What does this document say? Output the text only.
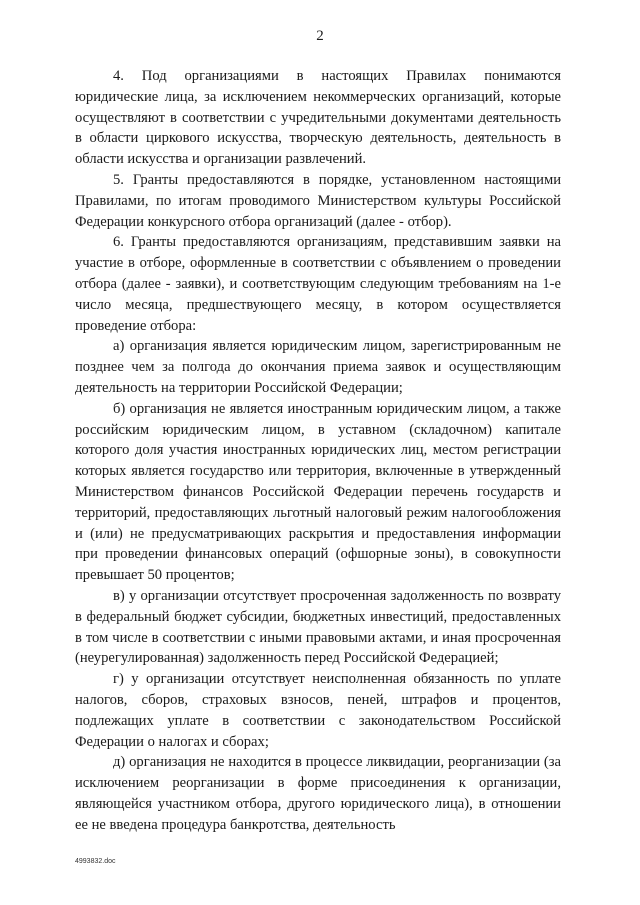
2

4. Под организациями в настоящих Правилах понимаются юридические лица, за исключением некоммерческих организаций, которые осуществляют в соответствии с учредительными документами деятельность в области циркового искусства, творческую деятельность, деятельность в области искусства и организации развлечений.

5. Гранты предоставляются в порядке, установленном настоящими Правилами, по итогам проводимого Министерством культуры Российской Федерации конкурсного отбора организаций (далее - отбор).

6. Гранты предоставляются организациям, представившим заявки на участие в отборе, оформленные в соответствии с объявлением о проведении отбора (далее - заявки), и соответствующим следующим требованиям на 1-е число месяца, предшествующего месяцу, в котором осуществляется проведение отбора:

а) организация является юридическим лицом, зарегистрированным не позднее чем за полгода до окончания приема заявок и осуществляющим деятельность на территории Российской Федерации;

б) организация не является иностранным юридическим лицом, а также российским юридическим лицом, в уставном (складочном) капитале которого доля участия иностранных юридических лиц, местом регистрации которых является государство или территория, включенные в утвержденный Министерством финансов Российской Федерации перечень государств и территорий, предоставляющих льготный налоговый режим налогообложения и (или) не предусматривающих раскрытия и предоставления информации при проведении финансовых операций (офшорные зоны), в совокупности превышает 50 процентов;

в) у организации отсутствует просроченная задолженность по возврату в федеральный бюджет субсидии, бюджетных инвестиций, предоставленных в том числе в соответствии с иными правовыми актами, и иная просроченная (неурегулированная) задолженность перед Российской Федерацией;

г) у организации отсутствует неисполненная обязанность по уплате налогов, сборов, страховых взносов, пеней, штрафов и процентов, подлежащих уплате в соответствии с законодательством Российской Федерации о налогах и сборах;

д) организация не находится в процессе ликвидации, реорганизации (за исключением реорганизации в форме присоединения к организации, являющейся участником отбора, другого юридического лица), в отношении ее не введена процедура банкротства, деятельность

4993832.doc
